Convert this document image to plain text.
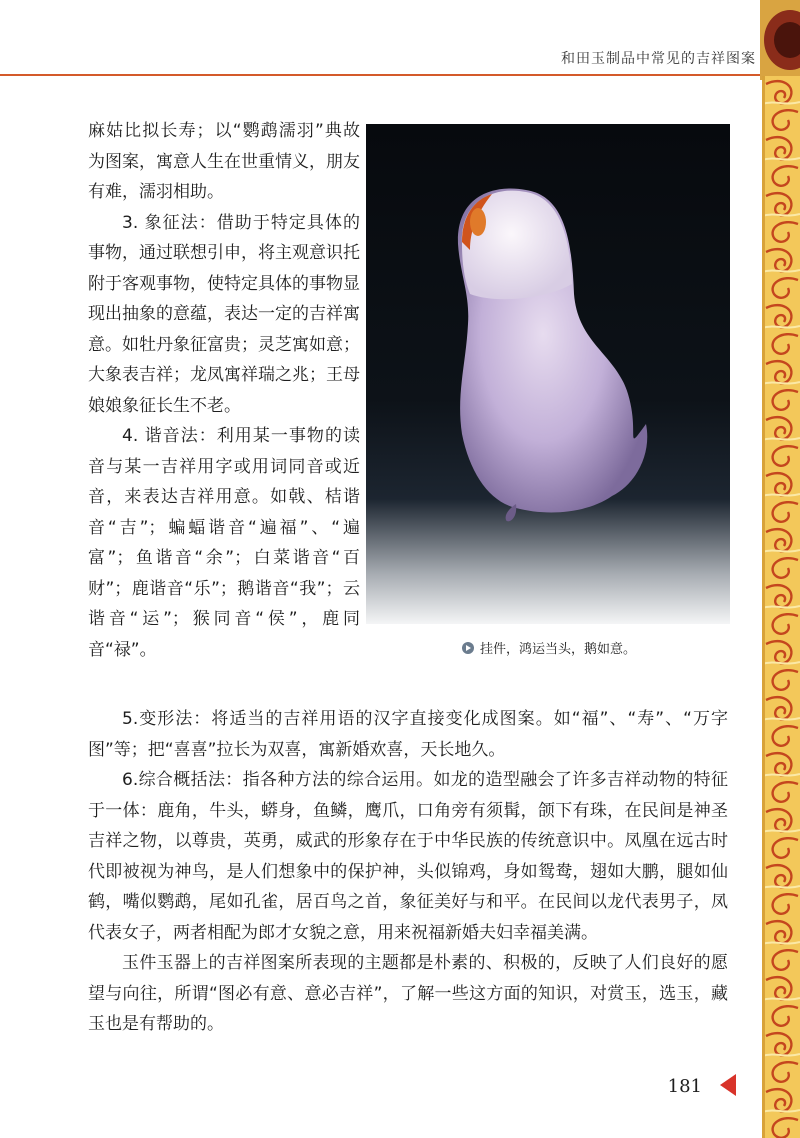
和田玉制品中常见的吉祥图案

麻姑比拟长寿；以“鹦鹉濡羽”典故为图案，寓意人生在世重情义，朋友有难，濡羽相助。

3. 象征法：借助于特定具体的事物，通过联想引申，将主观意识托附于客观事物，使特定具体的事物显现出抽象的意蕴，表达一定的吉祥寓意。如牡丹象征富贵；灵芝寓如意；大象表吉祥；龙凤寓祥瑞之兆；王母娘娘象征长生不老。

4. 谐音法：利用某一事物的读音与某一吉祥用字或用词同音或近音，来表达吉祥用意。如戟、桔谐音“吉”；蝙蝠谐音“遍福”、“遍富”；鱼谐音“余”；白菜谐音“百财”；鹿谐音“乐”；鹅谐音“我”；云谐音“运”；猴同音“侯”，鹿同音“禄”。	挂件，鸿运当头，鹅如意。

5.变形法：将适当的吉祥用语的汉字直接变化成图案。如“福”、“寿”、“万字图”等；把“喜喜”拉长为双喜，寓新婚欢喜，天长地久。

6.综合概括法：指各种方法的综合运用。如龙的造型融会了许多吉祥动物的特征于一体：鹿角，牛头，蟒身，鱼鳞，鹰爪，口角旁有须髯，颌下有珠，在民间是神圣吉祥之物，以尊贵，英勇，威武的形象存在于中华民族的传统意识中。凤凰在远古时代即被视为神鸟，是人们想象中的保护神，头似锦鸡，身如鸳鸯，翅如大鹏，腿如仙鹤，嘴似鹦鹉，尾如孔雀，居百鸟之首，象征美好与和平。在民间以龙代表男子，凤代表女子，两者相配为郎才女貌之意，用来祝福新婚夫妇幸福美满。

玉件玉器上的吉祥图案所表现的主题都是朴素的、积极的，反映了人们良好的愿望与向往，所谓“图必有意、意必吉祥”，了解一些这方面的知识，对赏玉，选玉，藏玉也是有帮助的。

181
